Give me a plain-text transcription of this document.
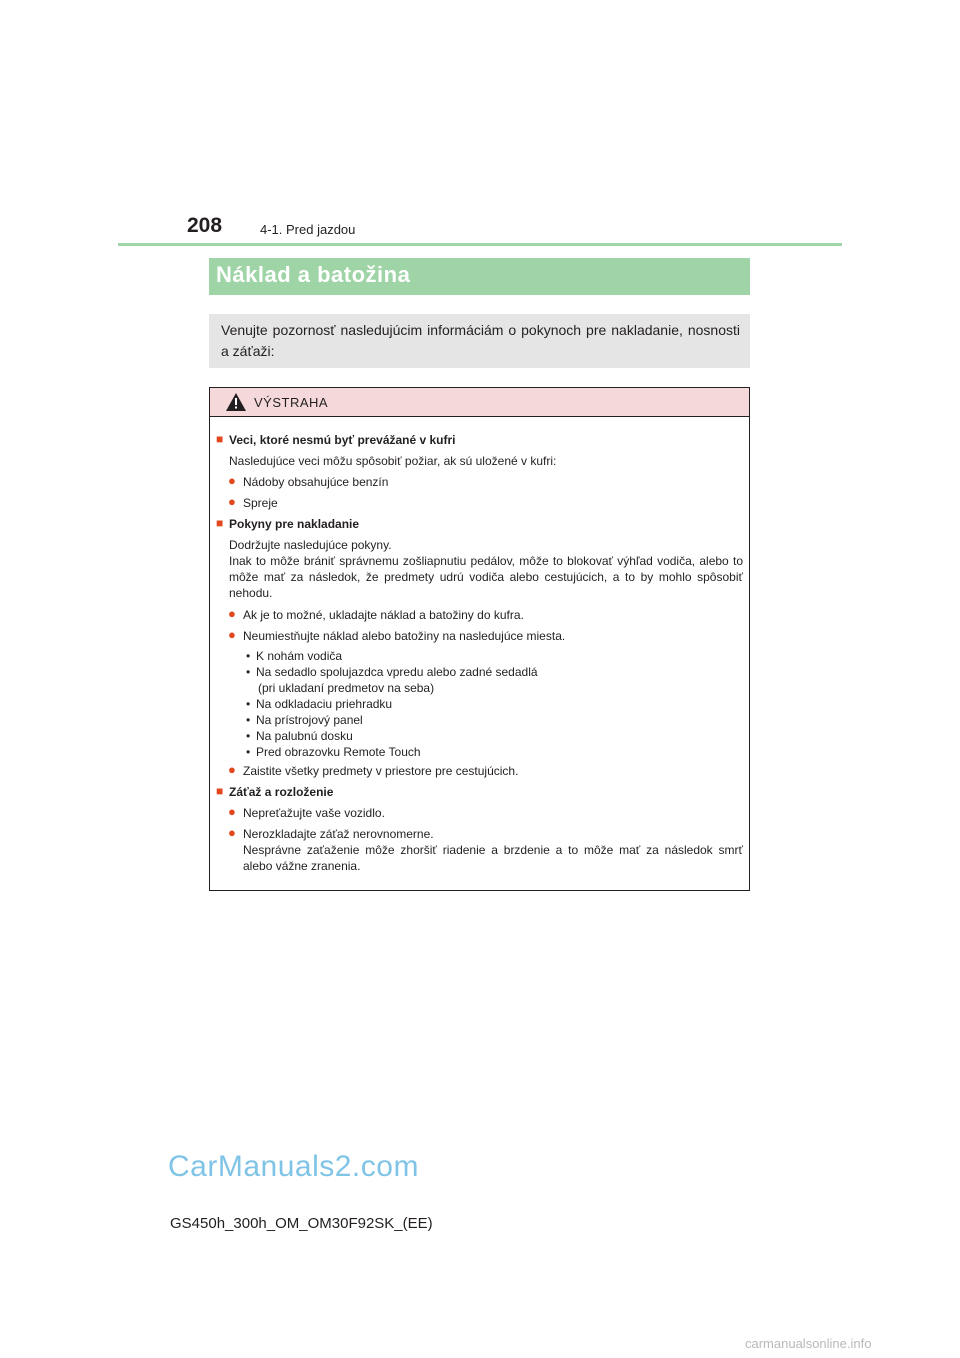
208	4-1. Pred jazdou
Náklad a batožina

Venujte pozornosť nasledujúcim informáciám o pokynoch pre nakladanie, nosnosti a záťaži:

VÝSTRAHA
■ Veci, ktoré nesmú byť prevážané v kufri
Nasledujúce veci môžu spôsobiť požiar, ak sú uložené v kufri:
● Nádoby obsahujúce benzín
● Spreje
■ Pokyny pre nakladanie
Dodržujte nasledujúce pokyny.
Inak to môže brániť správnemu zošliapnutiu pedálov, môže to blokovať výhľad vodiča, alebo to môže mať za následok, že predmety udrú vodiča alebo cestujúcich, a to by mohlo spôsobiť nehodu.
● Ak je to možné, ukladajte náklad a batožiny do kufra.
● Neumiestňujte náklad alebo batožiny na nasledujúce miesta.
• K nohám vodiča
• Na sedadlo spolujazdca vpredu alebo zadné sedadlá
(pri ukladaní predmetov na seba)
• Na odkladaciu priehradku
• Na prístrojový panel
• Na palubnú dosku
• Pred obrazovku Remote Touch
● Zaistite všetky predmety v priestore pre cestujúcich.
■ Záťaž a rozloženie
● Nepreťažujte vaše vozidlo.
● Nerozkladajte záťaž nerovnomerne.
Nesprávne zaťaženie môže zhoršiť riadenie a brzdenie a to môže mať za následok smrť alebo vážne zranenia.
CarManuals2.com
GS450h_300h_OM_OM30F92SK_(EE)
carmanualsonline.info
